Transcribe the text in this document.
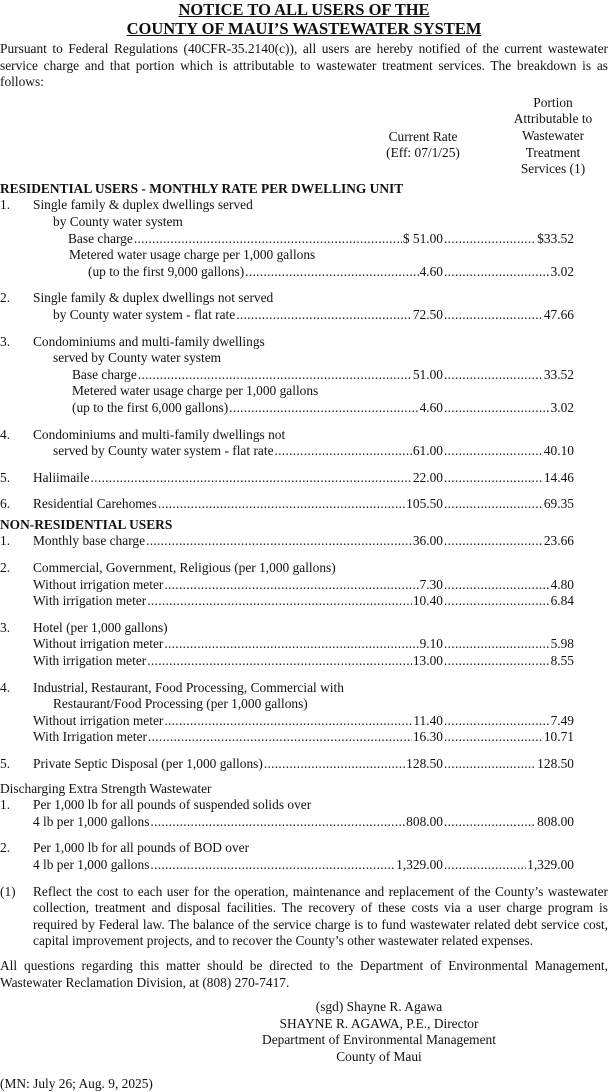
NOTICE TO ALL USERS OF THE
COUNTY OF MAUI’S WASTEWATER SYSTEM
Pursuant to Federal Regulations (40CFR-35.2140(c)), all users are hereby notified of the current wastewater service charge and that portion which is attributable to wastewater treatment services. The breakdown is as follows:
Current Rate
(Eff: 07/1/25)
Portion
Attributable to
Wastewater
Treatment
Services (1)
RESIDENTIAL USERS - MONTHLY RATE PER DWELLING UNIT
1. Single family & duplex dwellings served
by County water system
Base charge .....	$ 51.00 .....	$33.52
Metered water usage charge per 1,000 gallons
(up to the first 9,000 gallons) .....	4.60 .....	3.02
2. Single family & duplex dwellings not served
by County water system - flat rate .....	72.50 .....	47.66
3. Condominiums and multi-family dwellings
served by County water system
Base charge .....	51.00 .....	33.52
Metered water usage charge per 1,000 gallons
(up to the first 6,000 gallons) .....	4.60 .....	3.02
4. Condominiums and multi-family dwellings not
served by County water system - flat rate .....	61.00 .....	40.10
5. Haliimaile .....	22.00 .....	14.46
6. Residential Carehomes .....	105.50 .....	69.35
NON-RESIDENTIAL USERS
1. Monthly base charge .....	36.00 .....	23.66
2. Commercial, Government, Religious (per 1,000 gallons)
Without irrigation meter .....	7.30 .....	4.80
With irrigation meter .....	10.40 .....	6.84
3. Hotel (per 1,000 gallons)
Without irrigation meter .....	9.10 .....	5.98
With irrigation meter .....	13.00 .....	8.55
4. Industrial, Restaurant, Food Processing, Commercial with
Restaurant/Food Processing (per 1,000 gallons)
Without irrigation meter .....	11.40 .....	7.49
With Irrigation meter .....	16.30 .....	10.71
5. Private Septic Disposal (per 1,000 gallons) .....	128.50 .....	128.50
Discharging Extra Strength Wastewater
1. Per 1,000 lb for all pounds of suspended solids over
4 lb per 1,000 gallons .....	808.00 .....	808.00
2. Per 1,000 lb for all pounds of BOD over
4 lb per 1,000 gallons .....	1,329.00 .....	1,329.00
(1)	Reflect the cost to each user for the operation, maintenance and replacement of the County’s wastewater collection, treatment and disposal facilities. The recovery of these costs via a user charge program is required by Federal law. The balance of the service charge is to fund wastewater related debt service cost, capital improvement projects, and to recover the County’s other wastewater related expenses.
All questions regarding this matter should be directed to the Department of Environmental Management, Wastewater Reclamation Division, at (808) 270-7417.
(sgd) Shayne R. Agawa
SHAYNE R. AGAWA, P.E., Director
Department of Environmental Management
County of Maui
(MN: July 26; Aug. 9, 2025)
